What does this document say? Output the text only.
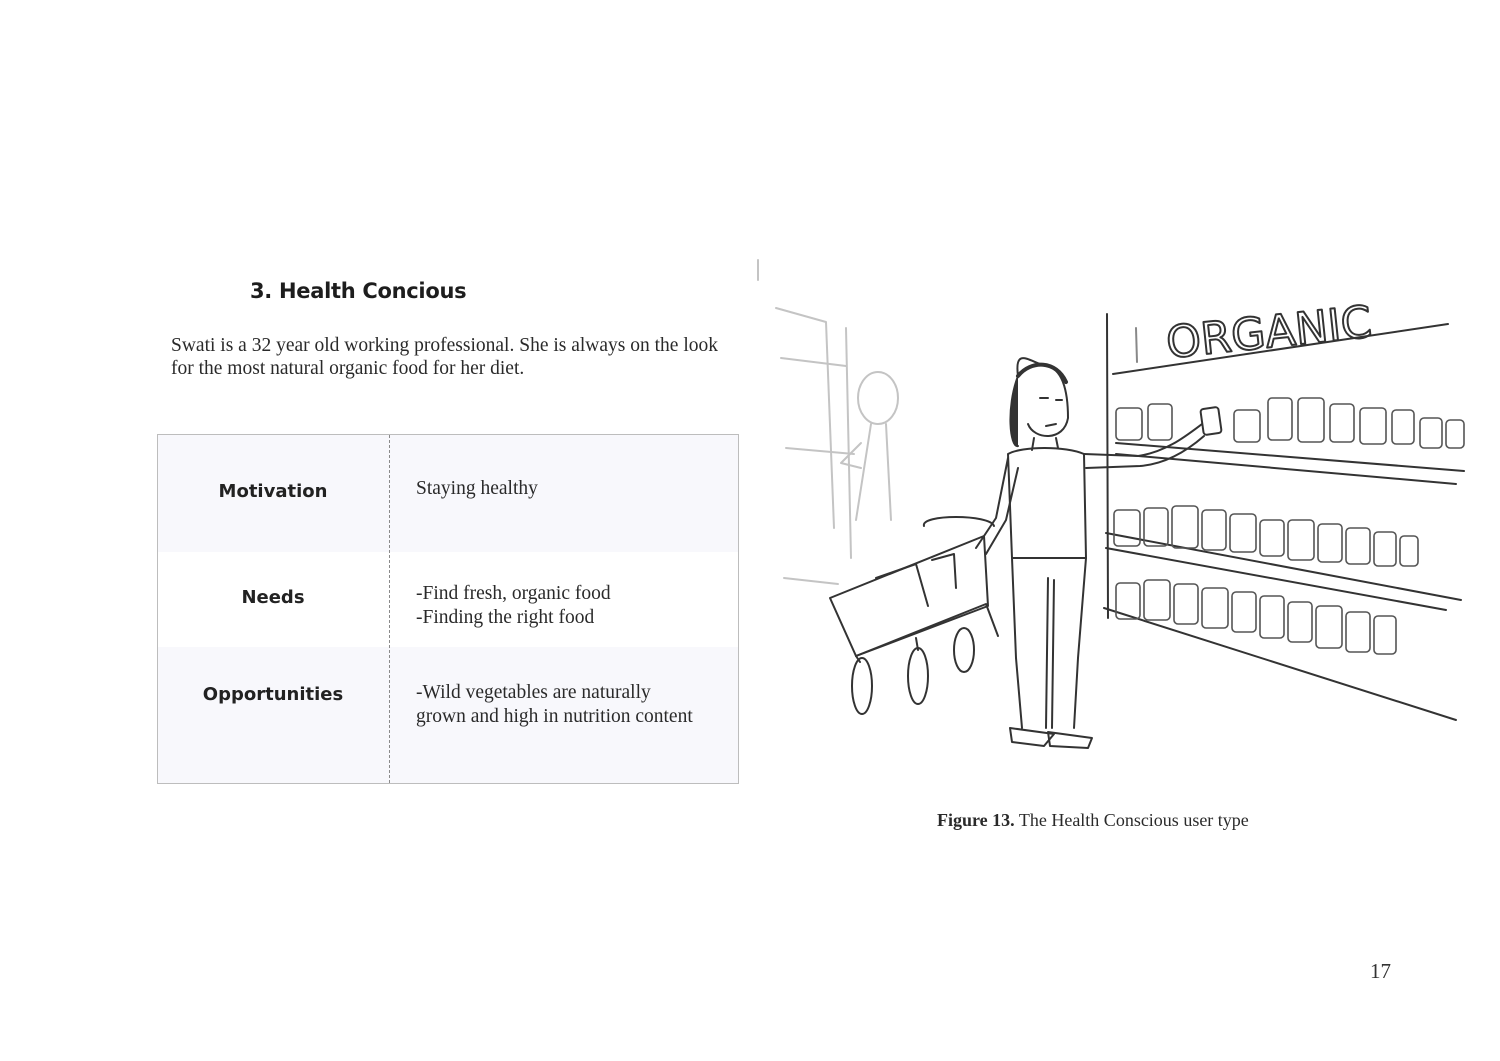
3. Health Concious

Swati is a 32 year old working professional. She is always on the look for the most natural organic food for her diet.

Motivation	Staying healthy
Needs	-Find fresh, organic food
-Finding the right food
Opportunities	-Wild vegetables are naturally
grown and high in nutrition content
ORGANIC

Figure 13. The Health Conscious user type

17
